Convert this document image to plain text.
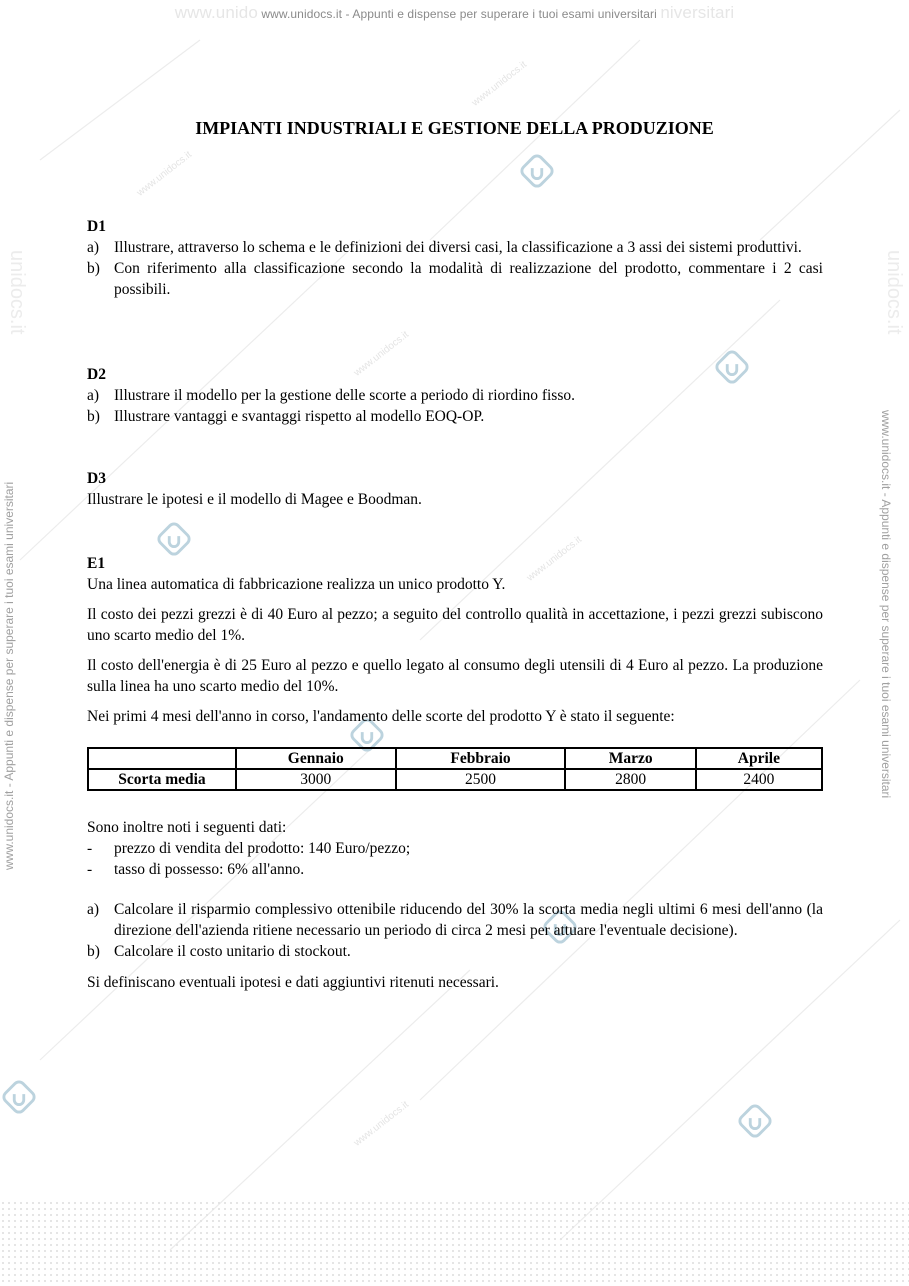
www.unido www.unidocs.it - Appunti e dispense per superare i tuoi esami universitari niversitari
www.unidocs.it - Appunti e dispense per superare i tuoi esami universitari	www.unidocs.it - Appunti e dispense per superare i tuoi esami universitari
unidocs.it	unidocs.it
www.unidocs.it
www.unidocs.it
www.unidocs.it
www.unidocs.it
www.unidocs.it
IMPIANTI INDUSTRIALI E GESTIONE DELLA PRODUZIONE

D1

a) Illustrare, attraverso lo schema e le definizioni dei diversi casi, la classificazione a 3 assi dei sistemi produttivi.
b) Con riferimento alla classificazione secondo la modalità di realizzazione del prodotto, commentare i 2 casi possibili.

D2

a) Illustrare il modello per la gestione delle scorte a periodo di riordino fisso.
b) Illustrare vantaggi e svantaggi rispetto al modello EOQ-OP.

D3

Illustrare le ipotesi e il modello di Magee e Boodman.

E1

Una linea automatica di fabbricazione realizza un unico prodotto Y.

Il costo dei pezzi grezzi è di 40 Euro al pezzo; a seguito del controllo qualità in accettazione, i pezzi grezzi subiscono uno scarto medio del 1%.

Il costo dell'energia è di 25 Euro al pezzo e quello legato al consumo degli utensili di 4 Euro al pezzo. La produzione sulla linea ha uno scarto medio del 10%.

Nei primi 4 mesi dell'anno in corso, l'andamento delle scorte del prodotto Y è stato il seguente:

	Gennaio	Febbraio	Marzo	Aprile
Scorta media	3000	2500	2800	2400

Sono inoltre noti i seguenti dati:

-	prezzo di vendita del prodotto: 140 Euro/pezzo;
-	tasso di possesso: 6% all'anno.
a) Calcolare il risparmio complessivo ottenibile riducendo del 30% la scorta media negli ultimi 6 mesi dell'anno (la direzione dell'azienda ritiene necessario un periodo di circa 2 mesi per attuare l'eventuale decisione).
b) Calcolare il costo unitario di stockout.

Si definiscano eventuali ipotesi e dati aggiuntivi ritenuti necessari.
